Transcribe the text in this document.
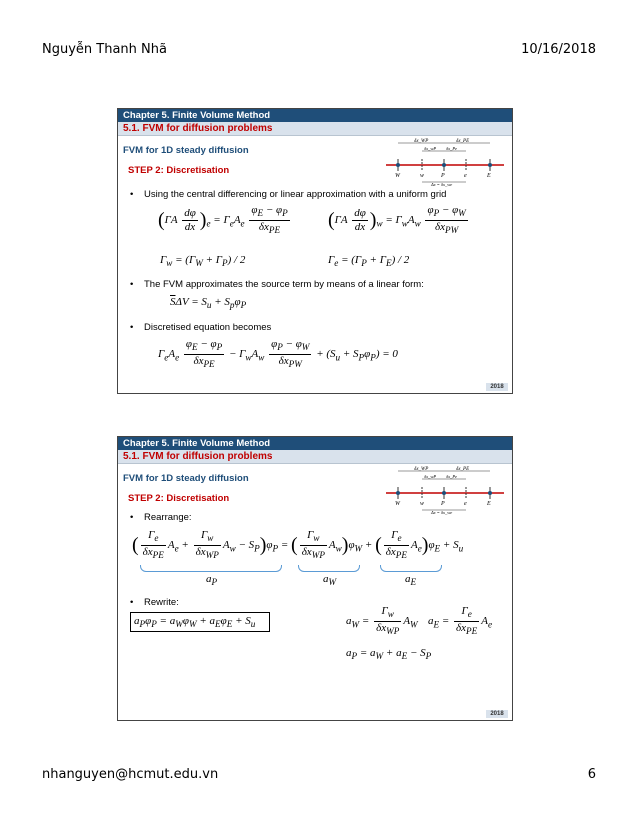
Nguyễn Thanh Nhã	10/16/2018
Chapter 5. Finite Volume Method
5.1. FVM for diffusion problems
FVM for 1D steady diffusion
STEP 2: Discretisation
δx_WP	δx_PE
δx_wP δx_Pe
W	w	P	e	E
Δx = δx_we
• Using the central differencing or linear approximation with a uniform grid
$(\Gamma A \frac{d\varphi}{dx} )_e = \Gamma_eA_e \frac{\varphi_E - \varphi_P}{\delta x_{PE}} (\Gamma A \frac{d\varphi}{dx} )_w = \Gamma_wA_w \frac{\varphi_P - \varphi_W}{\delta x_{PW}}$
$\Gamma_w = (\Gamma_W + \Gamma_P) / 2$	$\Gamma_e = (\Gamma_P + \Gamma_E) / 2$
• The FVM approximates the source term by means of a linear form:
$\overline{S}\Delta V = S_u + S_p\varphi_P$
• Discretised equation becomes
$\Gamma_eA_e \frac{\varphi_E - \varphi_P}{\delta x_{PE}} - \Gamma_wA_w \frac{\varphi_P - \varphi_W}{\delta x_{PW}} + (S_u + S_P\varphi_P) = 0$
2018
Chapter 5. Finite Volume Method
5.1. FVM for diffusion problems
FVM for 1D steady diffusion
STEP 2: Discretisation
δx_WP	δx_PE
δx_wP δx_Pe
W	w	P	e	E
Δx = δx_we
• Rearrange:
( $\frac{\Gamma_e}{\delta x_{PE}} A_e + \frac{\Gamma_w}{\delta x_{WP}} A_w - S_P)\varphi_P$ = ( $\frac{\Gamma_w}{\delta x_{WP}} A_w)\varphi_W$ + ( $\frac{\Gamma_e}{\delta x_{PE}} A_e)\varphi_E + S_u$
$a_P$	$a_W$	$a_E$
• Rewrite:
$a_P\varphi_P = a_W\varphi_W + a_E\varphi_E + S_u$	$a_W = \frac{\Gamma_w}{\delta x_{WP}} A_W$ $a_E = \frac{\Gamma_e}{\delta x_{PE}} A_e$
$a_P = a_W + a_E - S_P$
2018
nhanguyen@hcmut.edu.vn	6
